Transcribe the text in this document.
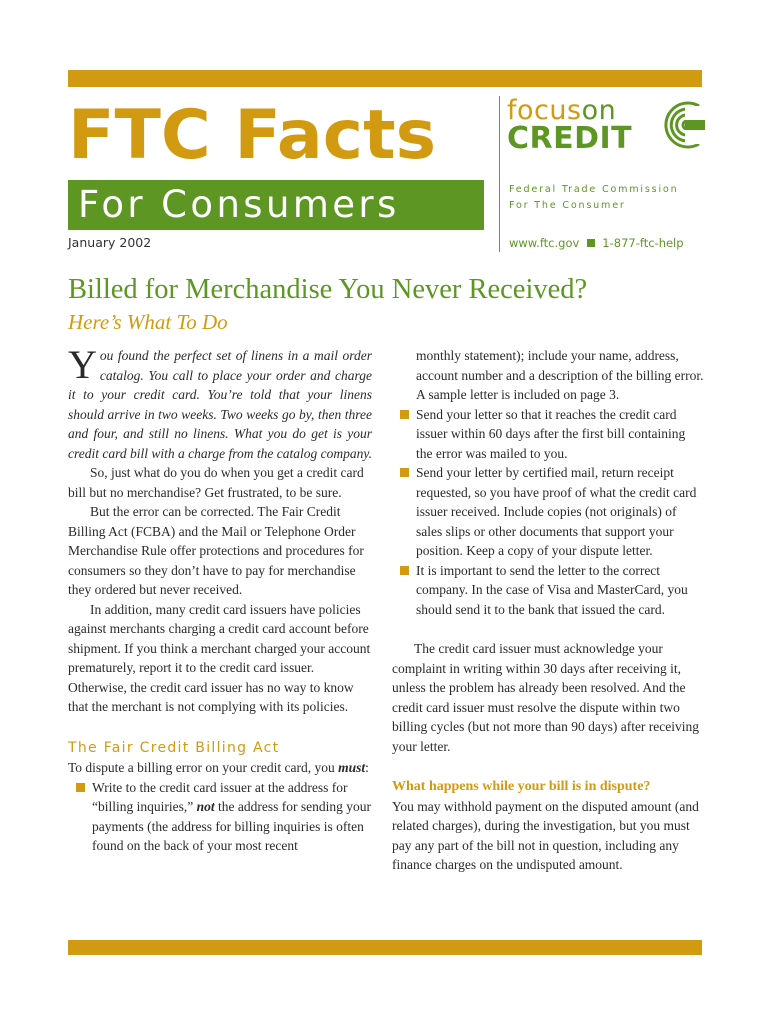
FTC Facts
For Consumers
January 2002
focuson
CREDIT
Federal Trade Commission
For The Consumer
www.ftc.gov 1-877-ftc-help
Billed for Merchandise You Never Received?
Here’s What To Do

You found the perfect set of linens in a mail order catalog. You call to place your order and charge it to your credit card. You’re told that your linens should arrive in two weeks. Two weeks go by, then three and four, and still no linens. What you do get is your credit card bill with a charge from the catalog company.

So, just what do you do when you get a credit card bill but no merchandise? Get frustrated, to be sure.

But the error can be corrected. The Fair Credit Billing Act (FCBA) and the Mail or Telephone Order Merchandise Rule offer protections and procedures for consumers so they don’t have to pay for merchandise they ordered but never received.

In addition, many credit card issuers have policies against merchants charging a credit card account before shipment. If you think a merchant charged your account prematurely, report it to the credit card issuer. Otherwise, the credit card issuer has no way to know that the merchant is not complying with its policies.

The Fair Credit Billing Act

To dispute a billing error on your credit card, you must:

Write to the credit card issuer at the address for “billing inquiries,” not the address for sending your payments (the address for billing inquiries is often found on the back of your most recent

monthly statement); include your name, address, account number and a description of the billing error. A sample letter is included on page 3.

Send your letter so that it reaches the credit card issuer within 60 days after the first bill containing the error was mailed to you.
Send your letter by certified mail, return receipt requested, so you have proof of what the credit card issuer received. Include copies (not originals) of sales slips or other documents that support your position. Keep a copy of your dispute letter.
It is important to send the letter to the correct company. In the case of Visa and MasterCard, you should send it to the bank that issued the card.

The credit card issuer must acknowledge your complaint in writing within 30 days after receiving it, unless the problem has already been resolved. And the credit card issuer must resolve the dispute within two billing cycles (but not more than 90 days) after receiving your letter.

What happens while your bill is in dispute?

You may withhold payment on the disputed amount (and related charges), during the investigation, but you must pay any part of the bill not in question, including any finance charges on the undisputed amount.
